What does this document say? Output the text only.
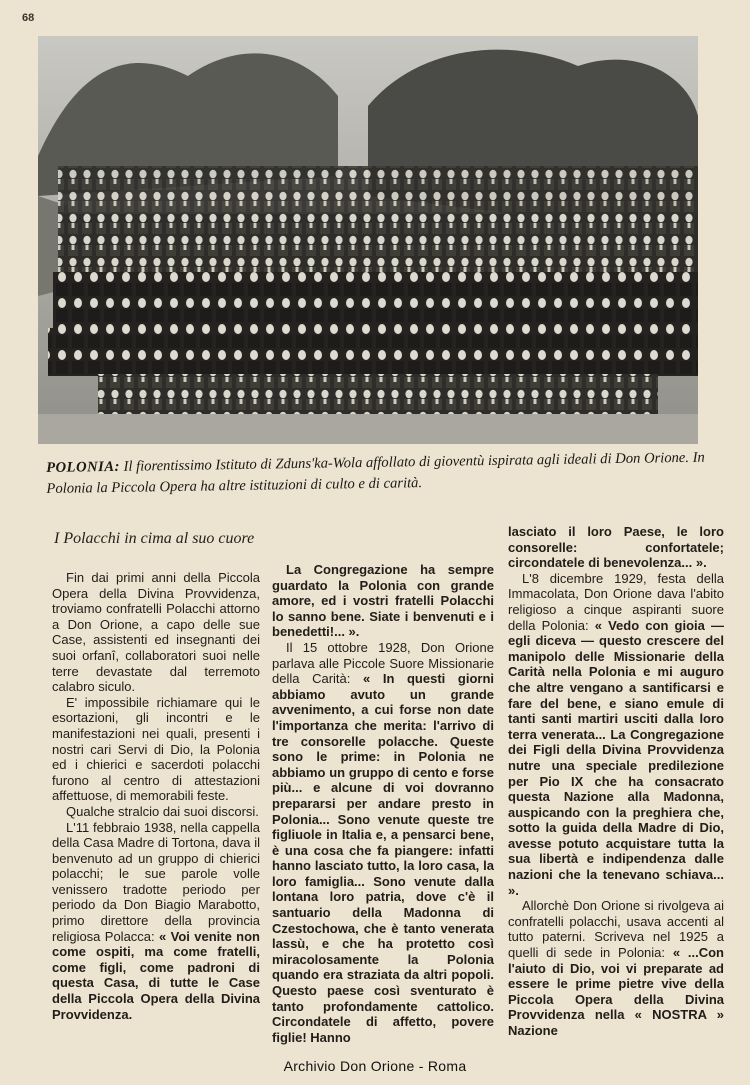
68
POLONIA: Il fiorentissimo Istituto di Zduns'ka-Wola affollato di gioventù ispirata agli ideali di Don Orione. In Polonia la Piccola Opera ha altre istituzioni di culto e di carità.
I Polacchi in cima al suo cuore

Fin dai primi anni della Piccola Opera della Divina Provvidenza, troviamo confratelli Polacchi attorno a Don Orione, a capo delle sue Case, assistenti ed insegnanti dei suoi orfanî, collaboratori suoi nelle terre devastate dal terremoto calabro siculo.

E' impossibile richiamare qui le esortazioni, gli incontri e le manifestazioni nei quali, presenti i nostri cari Servi di Dio, la Polonia ed i chierici e sacerdoti polacchi furono al centro di attestazioni affettuose, di memorabili feste.

Qualche stralcio dai suoi discorsi.

L'11 febbraio 1938, nella cappella della Casa Madre di Tortona, dava il benvenuto ad un gruppo di chierici polacchi; le sue parole volle venissero tradotte periodo per periodo da Don Biagio Marabotto, primo direttore della provincia religiosa Polacca: « Voi venite non come ospiti, ma come fratelli, come figli, come padroni di questa Casa, di tutte le Case della Piccola Opera della Divina Provvidenza.

La Congregazione ha sempre guardato la Polonia con grande amore, ed i vostri fratelli Polacchi lo sanno bene. Siate i benvenuti e i benedetti!... ».

Il 15 ottobre 1928, Don Orione parlava alle Piccole Suore Missionarie della Carità: « In questi giorni abbiamo avuto un grande avvenimento, a cui forse non date l'importanza che merita: l'arrivo di tre consorelle polacche. Queste sono le prime: in Polonia ne abbiamo un gruppo di cento e forse più... e alcune di voi dovranno prepararsi per andare presto in Polonia... Sono venute queste tre figliuole in Italia e, a pensarci bene, è una cosa che fa piangere: infatti hanno lasciato tutto, la loro casa, la loro famiglia... Sono venute dalla lontana loro patria, dove c'è il santuario della Madonna di Czestochowa, che è tanto venerata lassù, e che ha protetto così miracolosamente la Polonia quando era straziata da altri popoli. Questo paese così sventurato è tanto profondamente cattolico. Circondatele di affetto, povere figlie! Hanno

lasciato il loro Paese, le loro consorelle: confortatele; circondatele di benevolenza... ».

L'8 dicembre 1929, festa della Immacolata, Don Orione dava l'abito religioso a cinque aspiranti suore della Polonia: « Vedo con gioia — egli diceva — questo crescere del manipolo delle Missionarie della Carità nella Polonia e mi auguro che altre vengano a santificarsi e fare del bene, e siano emule di tanti santi martiri usciti dalla loro terra venerata... La Congregazione dei Figli della Divina Provvidenza nutre una speciale predilezione per Pio IX che ha consacrato questa Nazione alla Madonna, auspicando con la preghiera che, sotto la guida della Madre di Dio, avesse potuto acquistare tutta la sua libertà e indipendenza dalle nazioni che la tenevano schiava... ».

Allorchè Don Orione si rivolgeva ai confratelli polacchi, usava accenti al tutto paterni. Scriveva nel 1925 a quelli di sede in Polonia: « ...Con l'aiuto di Dio, voi vi preparate ad essere le prime pietre vive della Piccola Opera della Divina Provvidenza nella « NOSTRA » Nazione

Archivio Don Orione - Roma
